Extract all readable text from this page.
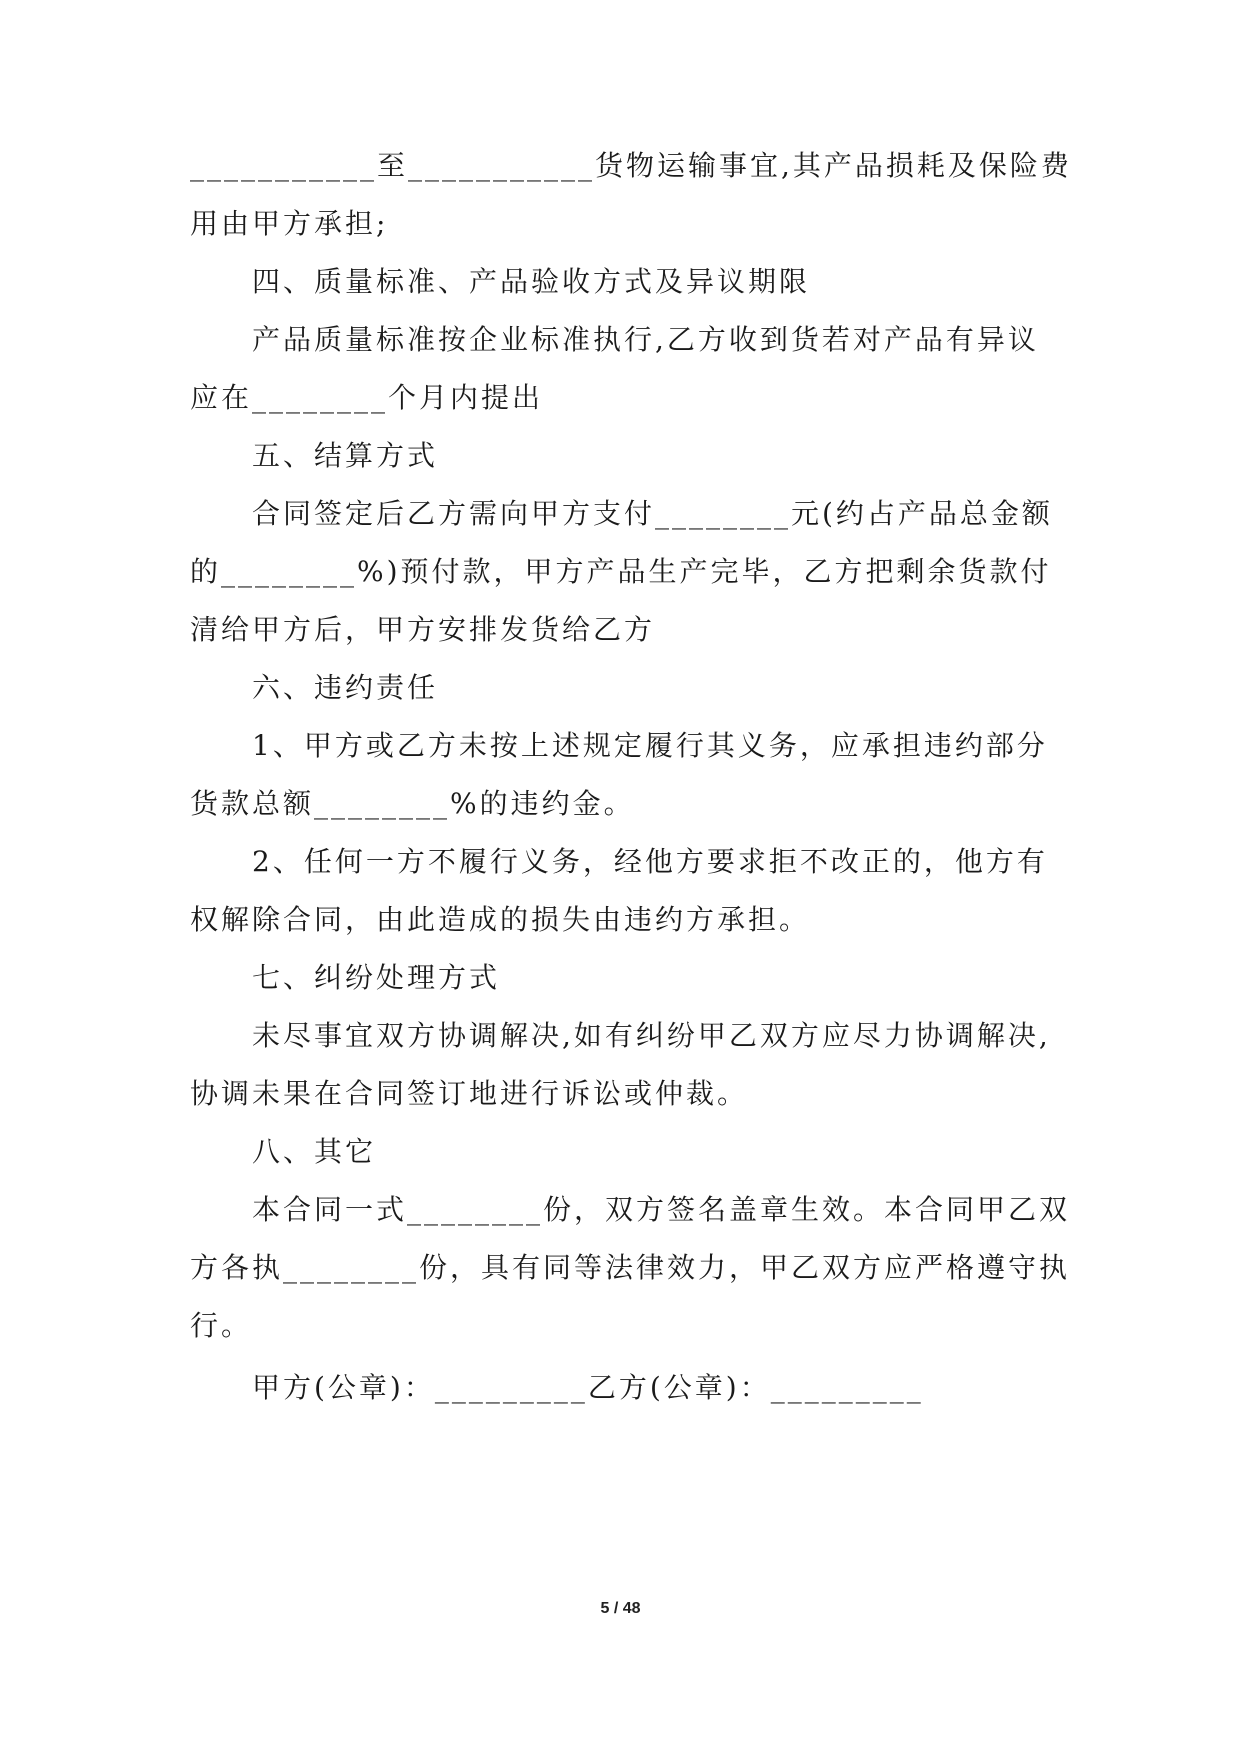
___________至___________货物运输事宜,其产品损耗及保险费
用由甲方承担;
四、质量标准、产品验收方式及异议期限
产品质量标准按企业标准执行,乙方收到货若对产品有异议
应在________个月内提出
五、结算方式
合同签定后乙方需向甲方支付________元(约占产品总金额
的________%)预付款，甲方产品生产完毕，乙方把剩余货款付
清给甲方后，甲方安排发货给乙方
六、违约责任
1、甲方或乙方未按上述规定履行其义务，应承担违约部分
货款总额________%的违约金。
2、任何一方不履行义务，经他方要求拒不改正的，他方有
权解除合同，由此造成的损失由违约方承担。
七、纠纷处理方式
未尽事宜双方协调解决,如有纠纷甲乙双方应尽力协调解决,
协调未果在合同签订地进行诉讼或仲裁。
八、其它
本合同一式________份，双方签名盖章生效。本合同甲乙双
方各执________份，具有同等法律效力，甲乙双方应严格遵守执
行。
甲方(公章)：_________乙方(公章)：_________
5 / 48
